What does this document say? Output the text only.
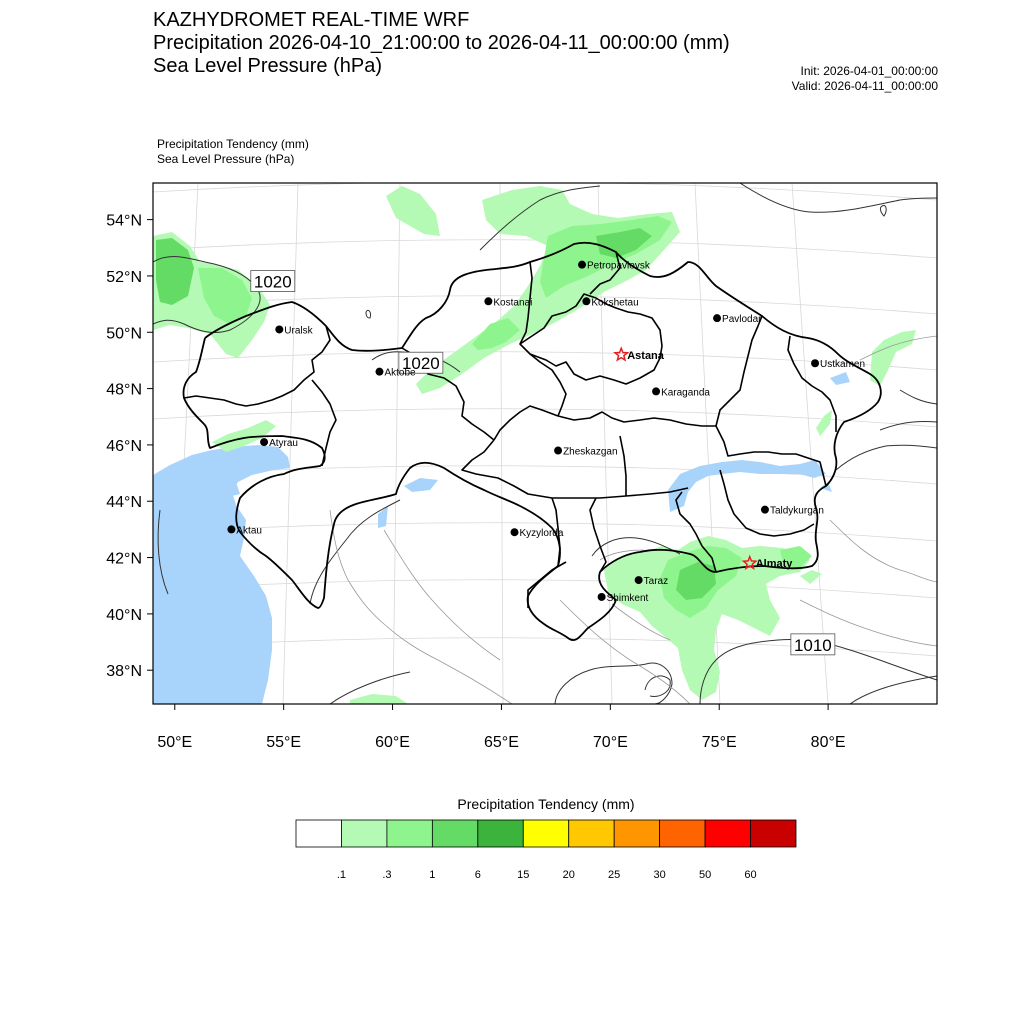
KAZHYDROMET REAL-TIME WRF
Precipitation 2026-04-10_21:00:00 to 2026-04-11_00:00:00 (mm)
Sea Level Pressure (hPa)	Init: 2026-04-01_00:00:00
Valid: 2026-04-11_00:00:00
Precipitation Tendency (mm)
Sea Level Pressure (hPa)
Precipitation Tendency (mm)
54°N
52°N
50°N
48°N
46°N
44°N
42°N
40°N
38°N
50°E	55°E	60°E	65°E	70°E	75°E	80°E
1020
1020
1010
Petropavlovsk
Kostanai	Kokshetau
Pavlodar
Uralsk
Astana
Ustkamen
Aktobe
Karaganda
Atyrau
Zheskazgan
Taldykurgan
Aktau	Kyzylorda
Almaty
Taraz
Shimkent
.1	.3	1	6	15	20	25	30	50	60
